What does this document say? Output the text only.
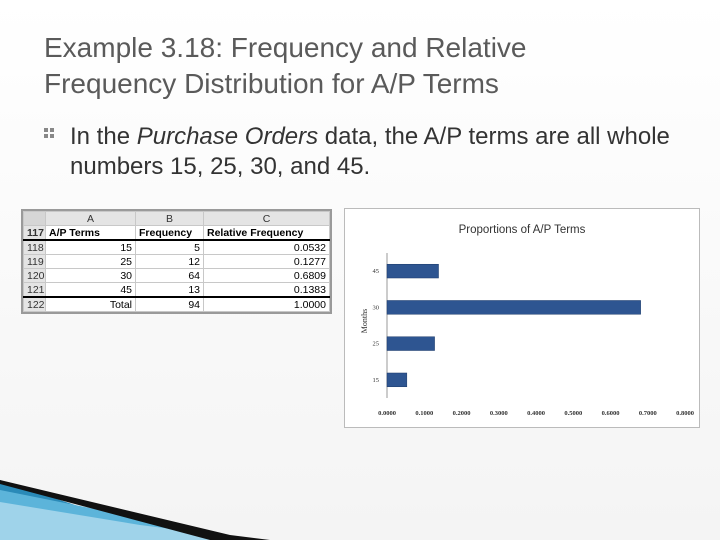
Example 3.18: Frequency and Relative
Frequency Distribution for A/P Terms
In the Purchase Orders data, the A/P terms are all whole numbers 15, 25, 30, and 45.
	A	B	C
117	A/P Terms	Frequency	Relative Frequency
118	15	5	0.0532
119	25	12	0.1277
120	30	64	0.6809
121	45	13	0.1383
122	Total	94	1.0000
Proportions of A/P Terms
Months
15
25
30
45
0.0000	0.1000	0.2000	0.3000	0.4000	0.5000	0.6000	0.7000	0.8000
